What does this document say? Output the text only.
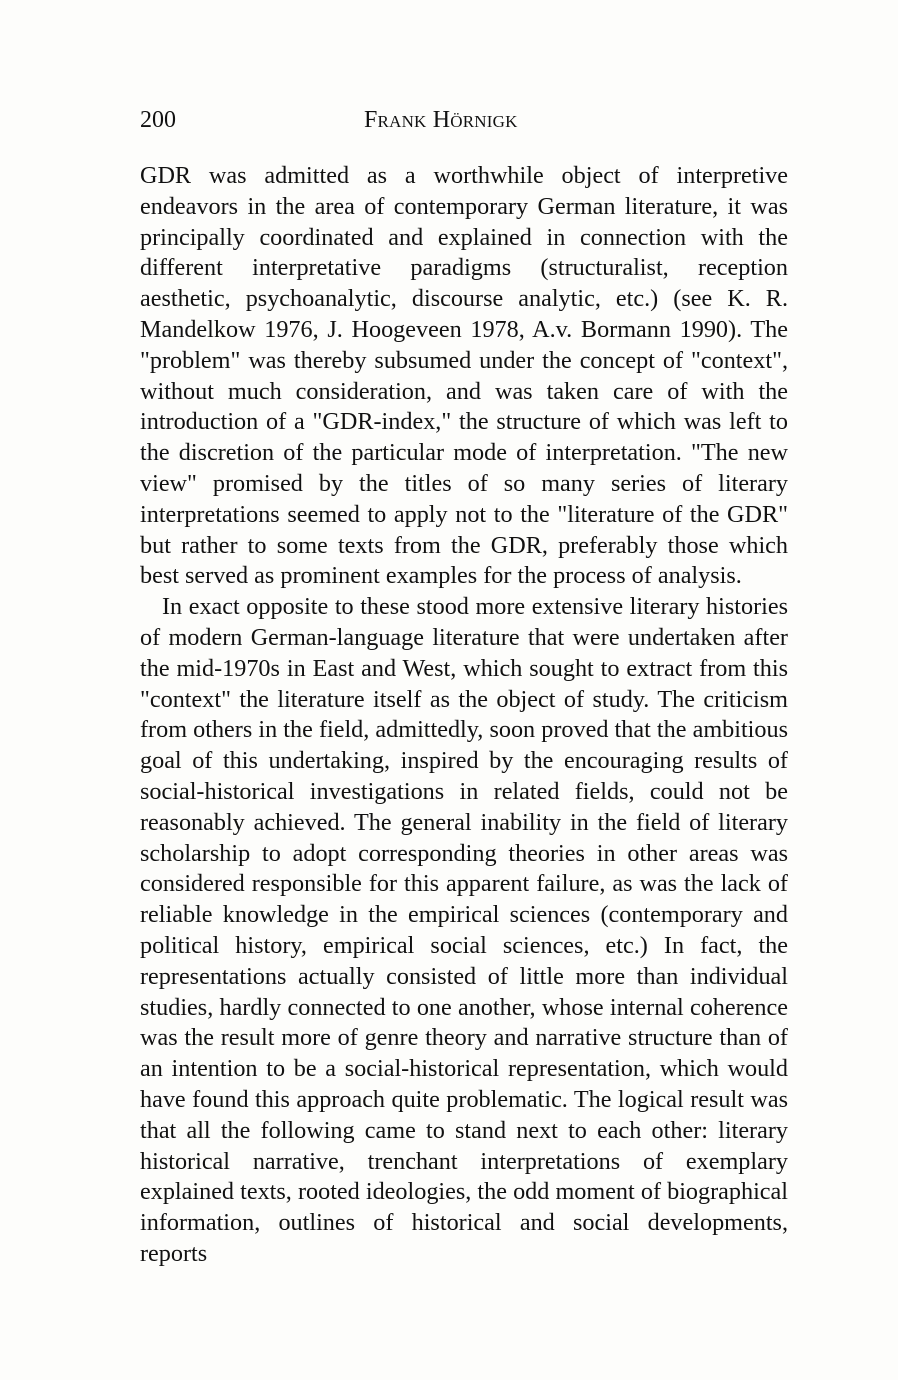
200	Frank Hörnigk

GDR was admitted as a worthwhile object of interpretive endeavors in the area of contemporary German literature, it was principally coordinated and explained in connection with the different interpretative paradigms (structuralist, reception aesthetic, psychoanalytic, discourse analytic, etc.) (see K. R. Mandelkow 1976, J. Hoogeveen 1978, A.v. Bormann 1990). The "problem" was thereby subsumed under the concept of "context", without much consideration, and was taken care of with the introduction of a "GDR-index," the structure of which was left to the discretion of the particular mode of interpretation. "The new view" promised by the titles of so many series of literary interpretations seemed to apply not to the "literature of the GDR" but rather to some texts from the GDR, preferably those which best served as prominent examples for the process of analysis.

In exact opposite to these stood more extensive literary histories of modern German-language literature that were undertaken after the mid-1970s in East and West, which sought to extract from this "context" the literature itself as the object of study. The criticism from others in the field, admittedly, soon proved that the ambitious goal of this undertaking, inspired by the encouraging results of social-historical investigations in related fields, could not be reasonably achieved. The general inability in the field of literary scholarship to adopt corresponding theories in other areas was considered responsible for this apparent failure, as was the lack of reliable knowledge in the empirical sciences (contemporary and political history, empirical social sciences, etc.) In fact, the representations actually consisted of little more than individual studies, hardly connected to one another, whose internal coherence was the result more of genre theory and narrative structure than of an intention to be a social-historical representation, which would have found this approach quite problematic. The logical result was that all the following came to stand next to each other: literary historical narrative, trenchant interpretations of exemplary explained texts, rooted ideologies, the odd moment of biographical information, outlines of historical and social developments, reports
